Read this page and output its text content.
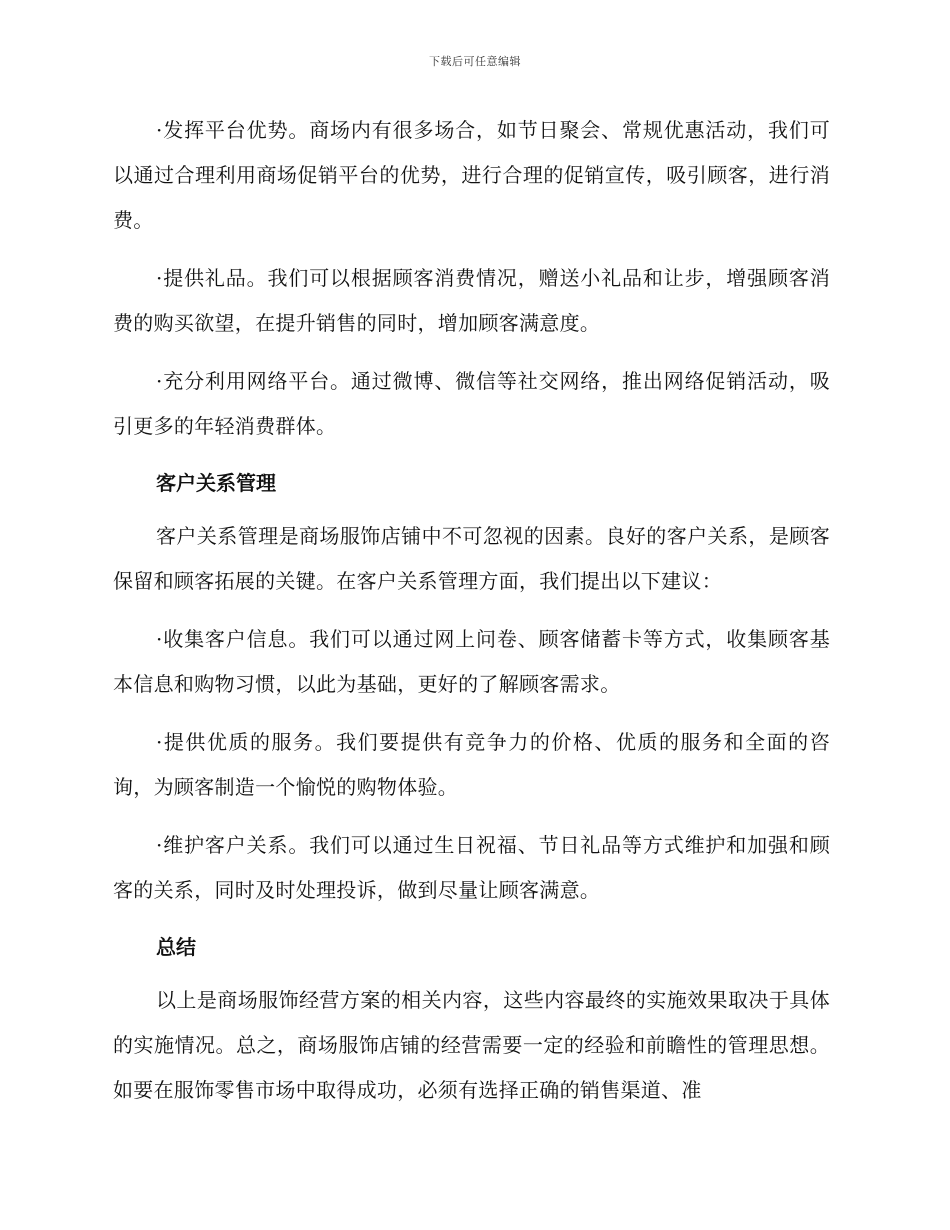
下载后可任意编辑

·发挥平台优势。商场内有很多场合，如节日聚会、常规优惠活动，我们可以通过合理利用商场促销平台的优势，进行合理的促销宣传，吸引顾客，进行消费。

·提供礼品。我们可以根据顾客消费情况，赠送小礼品和让步，增强顾客消费的购买欲望，在提升销售的同时，增加顾客满意度。

·充分利用网络平台。通过微博、微信等社交网络，推出网络促销活动，吸引更多的年轻消费群体。

客户关系管理

客户关系管理是商场服饰店铺中不可忽视的因素。良好的客户关系，是顾客保留和顾客拓展的关键。在客户关系管理方面，我们提出以下建议：

·收集客户信息。我们可以通过网上问卷、顾客储蓄卡等方式，收集顾客基本信息和购物习惯，以此为基础，更好的了解顾客需求。

·提供优质的服务。我们要提供有竞争力的价格、优质的服务和全面的咨询，为顾客制造一个愉悦的购物体验。

·维护客户关系。我们可以通过生日祝福、节日礼品等方式维护和加强和顾客的关系，同时及时处理投诉，做到尽量让顾客满意。

总结

以上是商场服饰经营方案的相关内容，这些内容最终的实施效果取决于具体的实施情况。总之，商场服饰店铺的经营需要一定的经验和前瞻性的管理思想。如要在服饰零售市场中取得成功，必须有选择正确的销售渠道、准
